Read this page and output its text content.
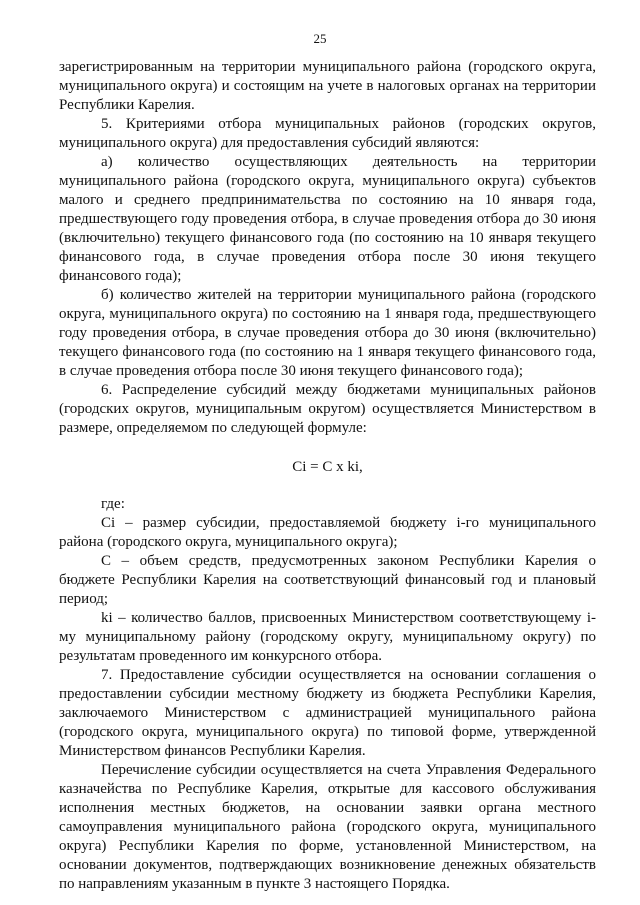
25

зарегистрированным на территории муниципального района (городского округа, муниципального округа) и состоящим на учете в налоговых органах на территории Республики Карелия.

5. Критериями отбора муниципальных районов (городских округов, муниципального округа) для предоставления субсидий являются:

а) количество осуществляющих деятельность на территории муниципального района (городского округа, муниципального округа) субъектов малого и среднего предпринимательства по состоянию на 10 января года, предшествующего году проведения отбора, в случае проведения отбора до 30 июня (включительно) текущего финансового года (по состоянию на 10 января текущего финансового года, в случае проведения отбора после 30 июня текущего финансового года);

б) количество жителей на территории муниципального района (городского округа, муниципального округа) по состоянию на 1 января года, предшествующего году проведения отбора, в случае проведения отбора до 30 июня (включительно) текущего финансового года (по состоянию на 1 января текущего финансового года, в случае проведения отбора после 30 июня текущего финансового года);

6. Распределение субсидий между бюджетами муниципальных районов (городских округов, муниципальным округом) осуществляется Министерством в размере, определяемом по следующей формуле:

Ci = C x ki,

где:

Ci – размер субсидии, предоставляемой бюджету i-го муниципального района (городского округа, муниципального округа);

С – объем средств, предусмотренных законом Республики Карелия о бюджете Республики Карелия на соответствующий финансовый год и плановый период;

ki – количество баллов, присвоенных Министерством соответствующему i-му муниципальному району (городскому округу, муниципальному округу) по результатам проведенного им конкурсного отбора.

7. Предоставление субсидии осуществляется на основании соглашения о предоставлении субсидии местному бюджету из бюджета Республики Карелия, заключаемого Министерством с администрацией муниципального района (городского округа, муниципального округа) по типовой форме, утвержденной Министерством финансов Республики Карелия.

Перечисление субсидии осуществляется на счета Управления Федерального казначейства по Республике Карелия, открытые для кассового обслуживания исполнения местных бюджетов, на основании заявки органа местного самоуправления муниципального района (городского округа, муниципального округа) Республики Карелия по форме, установленной Министерством, на основании документов, подтверждающих возникновение денежных обязательств по направлениям указанным в пункте 3 настоящего Порядка.
